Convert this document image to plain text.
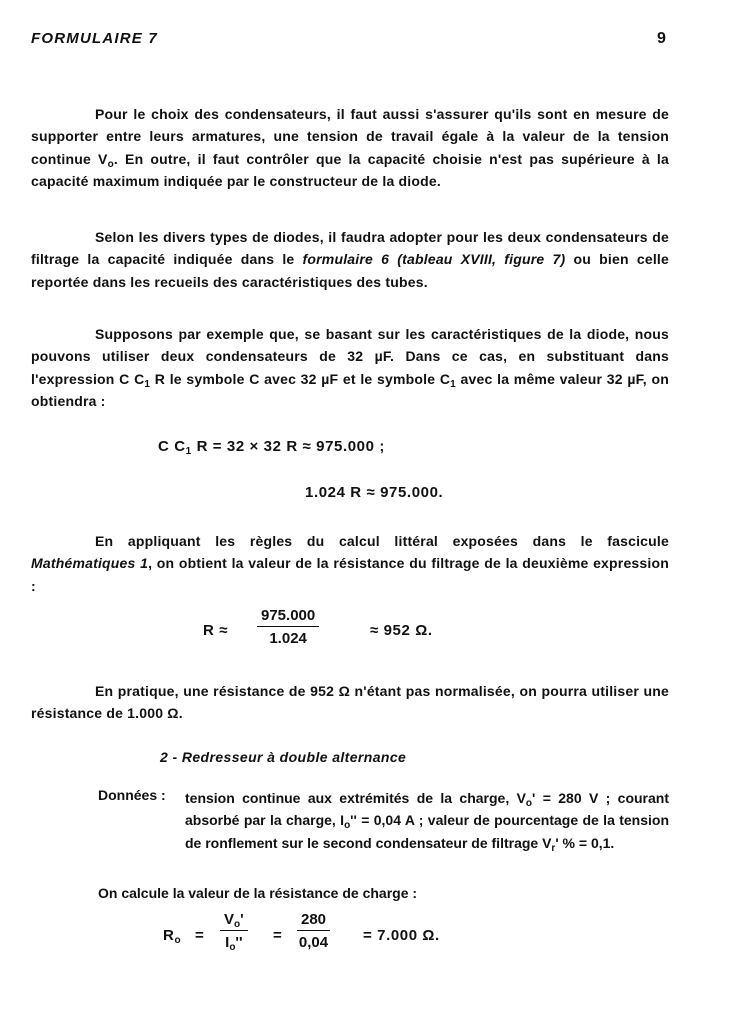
FORMULAIRE 7	9
Pour le choix des condensateurs, il faut aussi s'assurer qu'ils sont en mesure de supporter entre leurs armatures, une tension de travail égale à la valeur de la tension continue $V_o$. En outre, il faut contrôler que la capacité choisie n'est pas supérieure à la capacité maximum indiquée par le constructeur de la diode.
Selon les divers types de diodes, il faudra adopter pour les deux condensateurs de filtrage la capacité indiquée dans le formulaire 6 (tableau XVIII, figure 7) ou bien celle reportée dans les recueils des caractéristiques des tubes.
Supposons par exemple que, se basant sur les caractéristiques de la diode, nous pouvons utiliser deux condensateurs de 32 µF. Dans ce cas, en substituant dans l'expression C $C_1$ R le symbole C avec 32 µF et le symbole $C_1$ avec la même valeur 32 µF, on obtiendra :
C $C_1$ R = 32 × 32 R ≈ 975.000 ;
1.024 R ≈ 975.000.
En appliquant les règles du calcul littéral exposées dans le fascicule Mathématiques 1, on obtient la valeur de la résistance du filtrage de la deuxième expression :
$R \approx \frac{975.000}{1.024}$	≈ 952 Ω.
En pratique, une résistance de 952 Ω n'étant pas normalisée, on pourra utiliser une résistance de 1.000 Ω.
2 - Redresseur à double alternance
Données : tension continue aux extrémités de la charge, $V_o' = 280$ V ; courant absorbé par la charge, $I_o'' = 0,04$ A ; valeur de pourcentage de la tension de ronflement sur le second condensateur de filtrage $V_r'$ % = 0,1.
On calcule la valeur de la résistance de charge :
$R_o = \frac{V_o'}{I_o''} = \frac{280}{0,04} = 7.000$ Ω.
